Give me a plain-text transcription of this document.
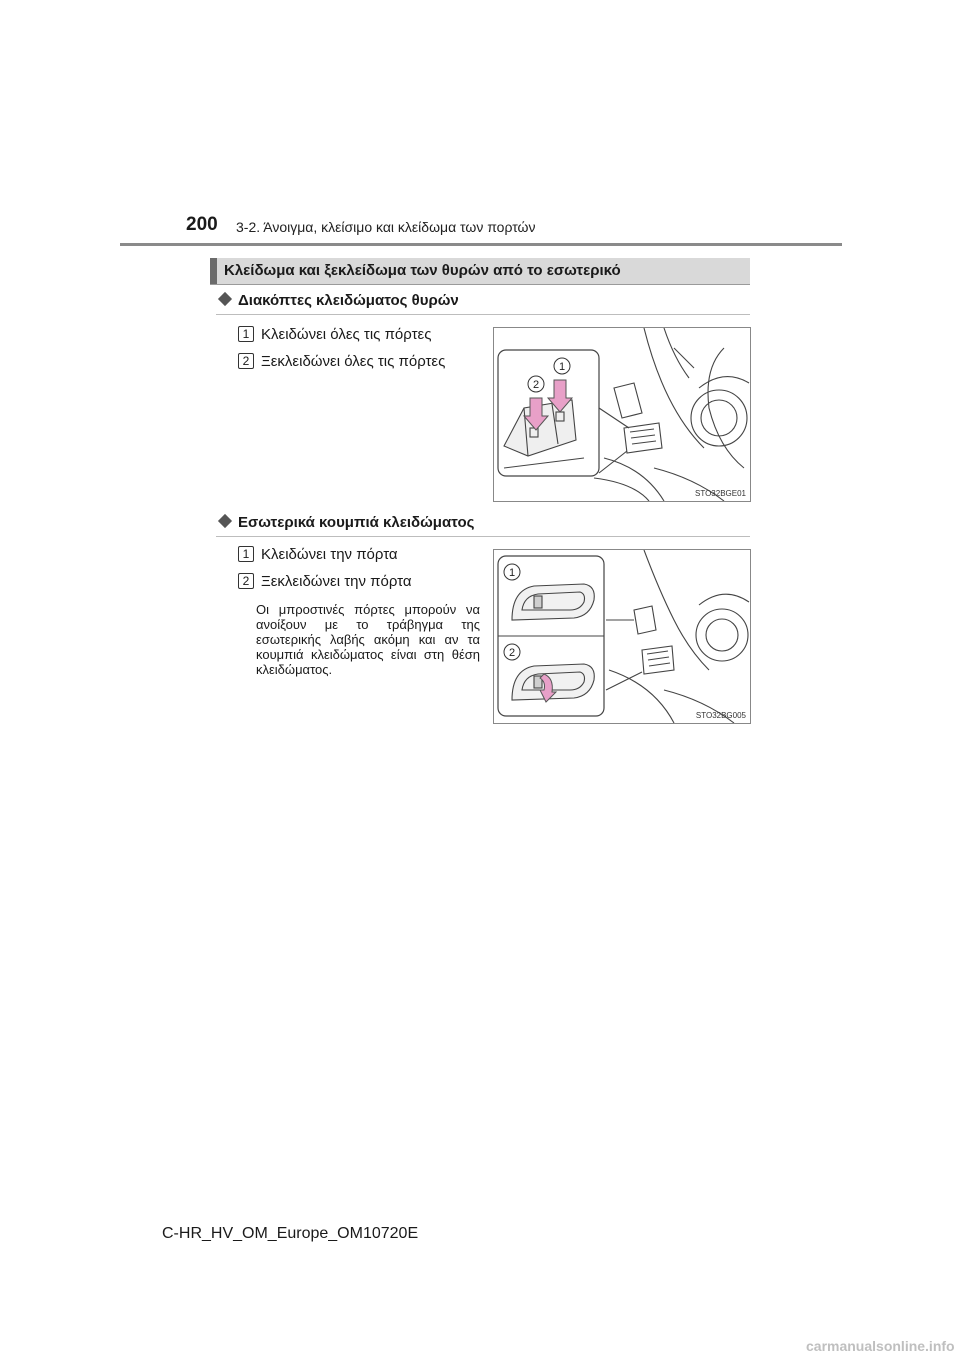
200 3-2. Άνοιγμα, κλείσιμο και κλείδωμα των πορτών
Κλείδωμα και ξεκλείδωμα των θυρών από το εσωτερικό
Διακόπτες κλειδώματος θυρών
1 Κλειδώνει όλες τις πόρτες
2 Ξεκλειδώνει όλες τις πόρτες	1
2
STO32BGE01
Εσωτερικά κουμπιά κλειδώματος
1 Κλειδώνει την πόρτα
2 Ξεκλειδώνει την πόρτα
Οι μπροστινές πόρτες μπορούν να ανοίξουν με το τράβηγμα της εσωτερικής λαβής ακόμη και αν τα κουμπιά κλειδώματος είναι στη θέση κλειδώματος.
1
2
STO32BG005
C-HR_HV_OM_Europe_OM10720E
carmanualsonline.info
